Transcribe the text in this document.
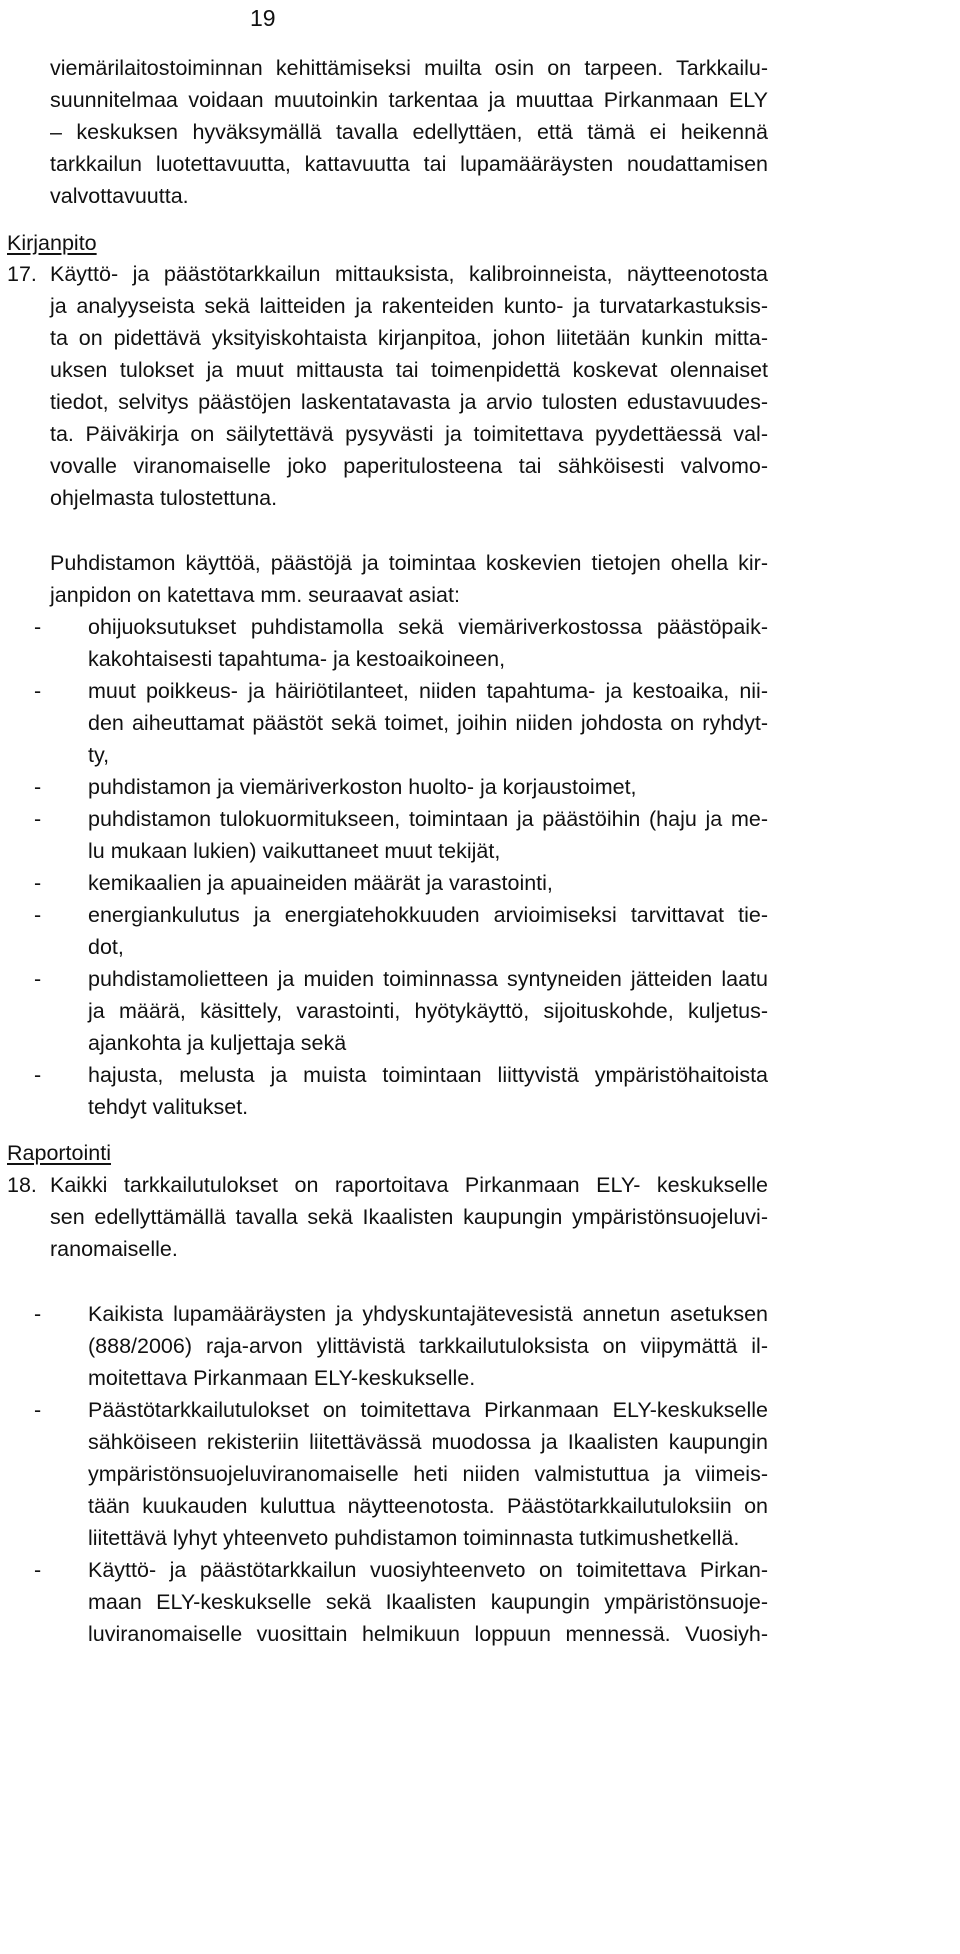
19
viemärilaitostoiminnan kehittämiseksi muilta osin on tarpeen. Tarkkailu-
suunnitelmaa voidaan muutoinkin tarkentaa ja muuttaa Pirkanmaan ELY
– keskuksen hyväksymällä tavalla edellyttäen, että tämä ei heikennä
tarkkailun luotettavuutta, kattavuutta tai lupamääräysten noudattamisen
valvottavuutta.
Kirjanpito
17. Käyttö- ja päästötarkkailun mittauksista, kalibroinneista, näytteenotosta
ja analyyseista sekä laitteiden ja rakenteiden kunto- ja turvatarkastuksis-
ta on pidettävä yksityiskohtaista kirjanpitoa, johon liitetään kunkin mitta-
uksen tulokset ja muut mittausta tai toimenpidettä koskevat olennaiset
tiedot, selvitys päästöjen laskentatavasta ja arvio tulosten edustavuudes-
ta. Päiväkirja on säilytettävä pysyvästi ja toimitettava pyydettäessä val-
vovalle viranomaiselle joko paperitulosteena tai sähköisesti valvomo-
ohjelmasta tulostettuna.
Puhdistamon käyttöä, päästöjä ja toimintaa koskevien tietojen ohella kir-
janpidon on katettava mm. seuraavat asiat:
- ohijuoksutukset puhdistamolla sekä viemäriverkostossa päästöpaik-
kakohtaisesti tapahtuma- ja kestoaikoineen,
- muut poikkeus- ja häiriötilanteet, niiden tapahtuma- ja kestoaika, nii-
den aiheuttamat päästöt sekä toimet, joihin niiden johdosta on ryhdyt-
ty,
- puhdistamon ja viemäriverkoston huolto- ja korjaustoimet,
- puhdistamon tulokuormitukseen, toimintaan ja päästöihin (haju ja me-
lu mukaan lukien) vaikuttaneet muut tekijät,
- kemikaalien ja apuaineiden määrät ja varastointi,
- energiankulutus ja energiatehokkuuden arvioimiseksi tarvittavat tie-
dot,
- puhdistamolietteen ja muiden toiminnassa syntyneiden jätteiden laatu
ja määrä, käsittely, varastointi, hyötykäyttö, sijoituskohde, kuljetus-
ajankohta ja kuljettaja sekä
- hajusta, melusta ja muista toimintaan liittyvistä ympäristöhaitoista
tehdyt valitukset.
Raportointi
18. Kaikki tarkkailutulokset on raportoitava Pirkanmaan ELY- keskukselle
sen edellyttämällä tavalla sekä Ikaalisten kaupungin ympäristönsuojeluvi-
ranomaiselle.
- Kaikista lupamääräysten ja yhdyskuntajätevesistä annetun asetuksen
(888/2006) raja-arvon ylittävistä tarkkailutuloksista on viipymättä il-
moitettava Pirkanmaan ELY-keskukselle.
- Päästötarkkailutulokset on toimitettava Pirkanmaan ELY-keskukselle
sähköiseen rekisteriin liitettävässä muodossa ja Ikaalisten kaupungin
ympäristönsuojeluviranomaiselle heti niiden valmistuttua ja viimeis-
tään kuukauden kuluttua näytteenotosta. Päästötarkkailutuloksiin on
liitettävä lyhyt yhteenveto puhdistamon toiminnasta tutkimushetkellä.
- Käyttö- ja päästötarkkailun vuosiyhteenveto on toimitettava Pirkan-
maan ELY-keskukselle sekä Ikaalisten kaupungin ympäristönsuoje-
luviranomaiselle vuosittain helmikuun loppuun mennessä. Vuosiyh-
